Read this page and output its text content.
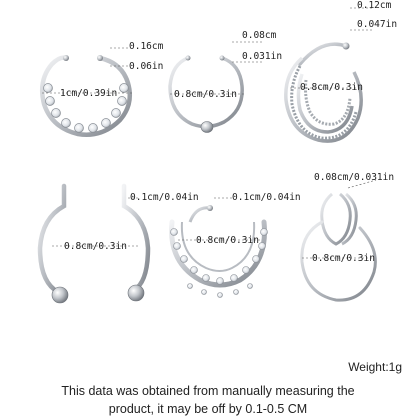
0.16cm
0.06in
1cm/0.39in
0.08cm
0.031in
0.8cm/0.3in
0.12cm
0.047in
0.8cm/0.3in
0.1cm/0.04in
0.8cm/0.3in
0.1cm/0.04in
0.8cm/0.3in
0.08cm/0.031in
0.8cm/0.3in
Weight:1g
This data was obtained from manually measuring the
product, it may be off by 0.1-0.5 CM
